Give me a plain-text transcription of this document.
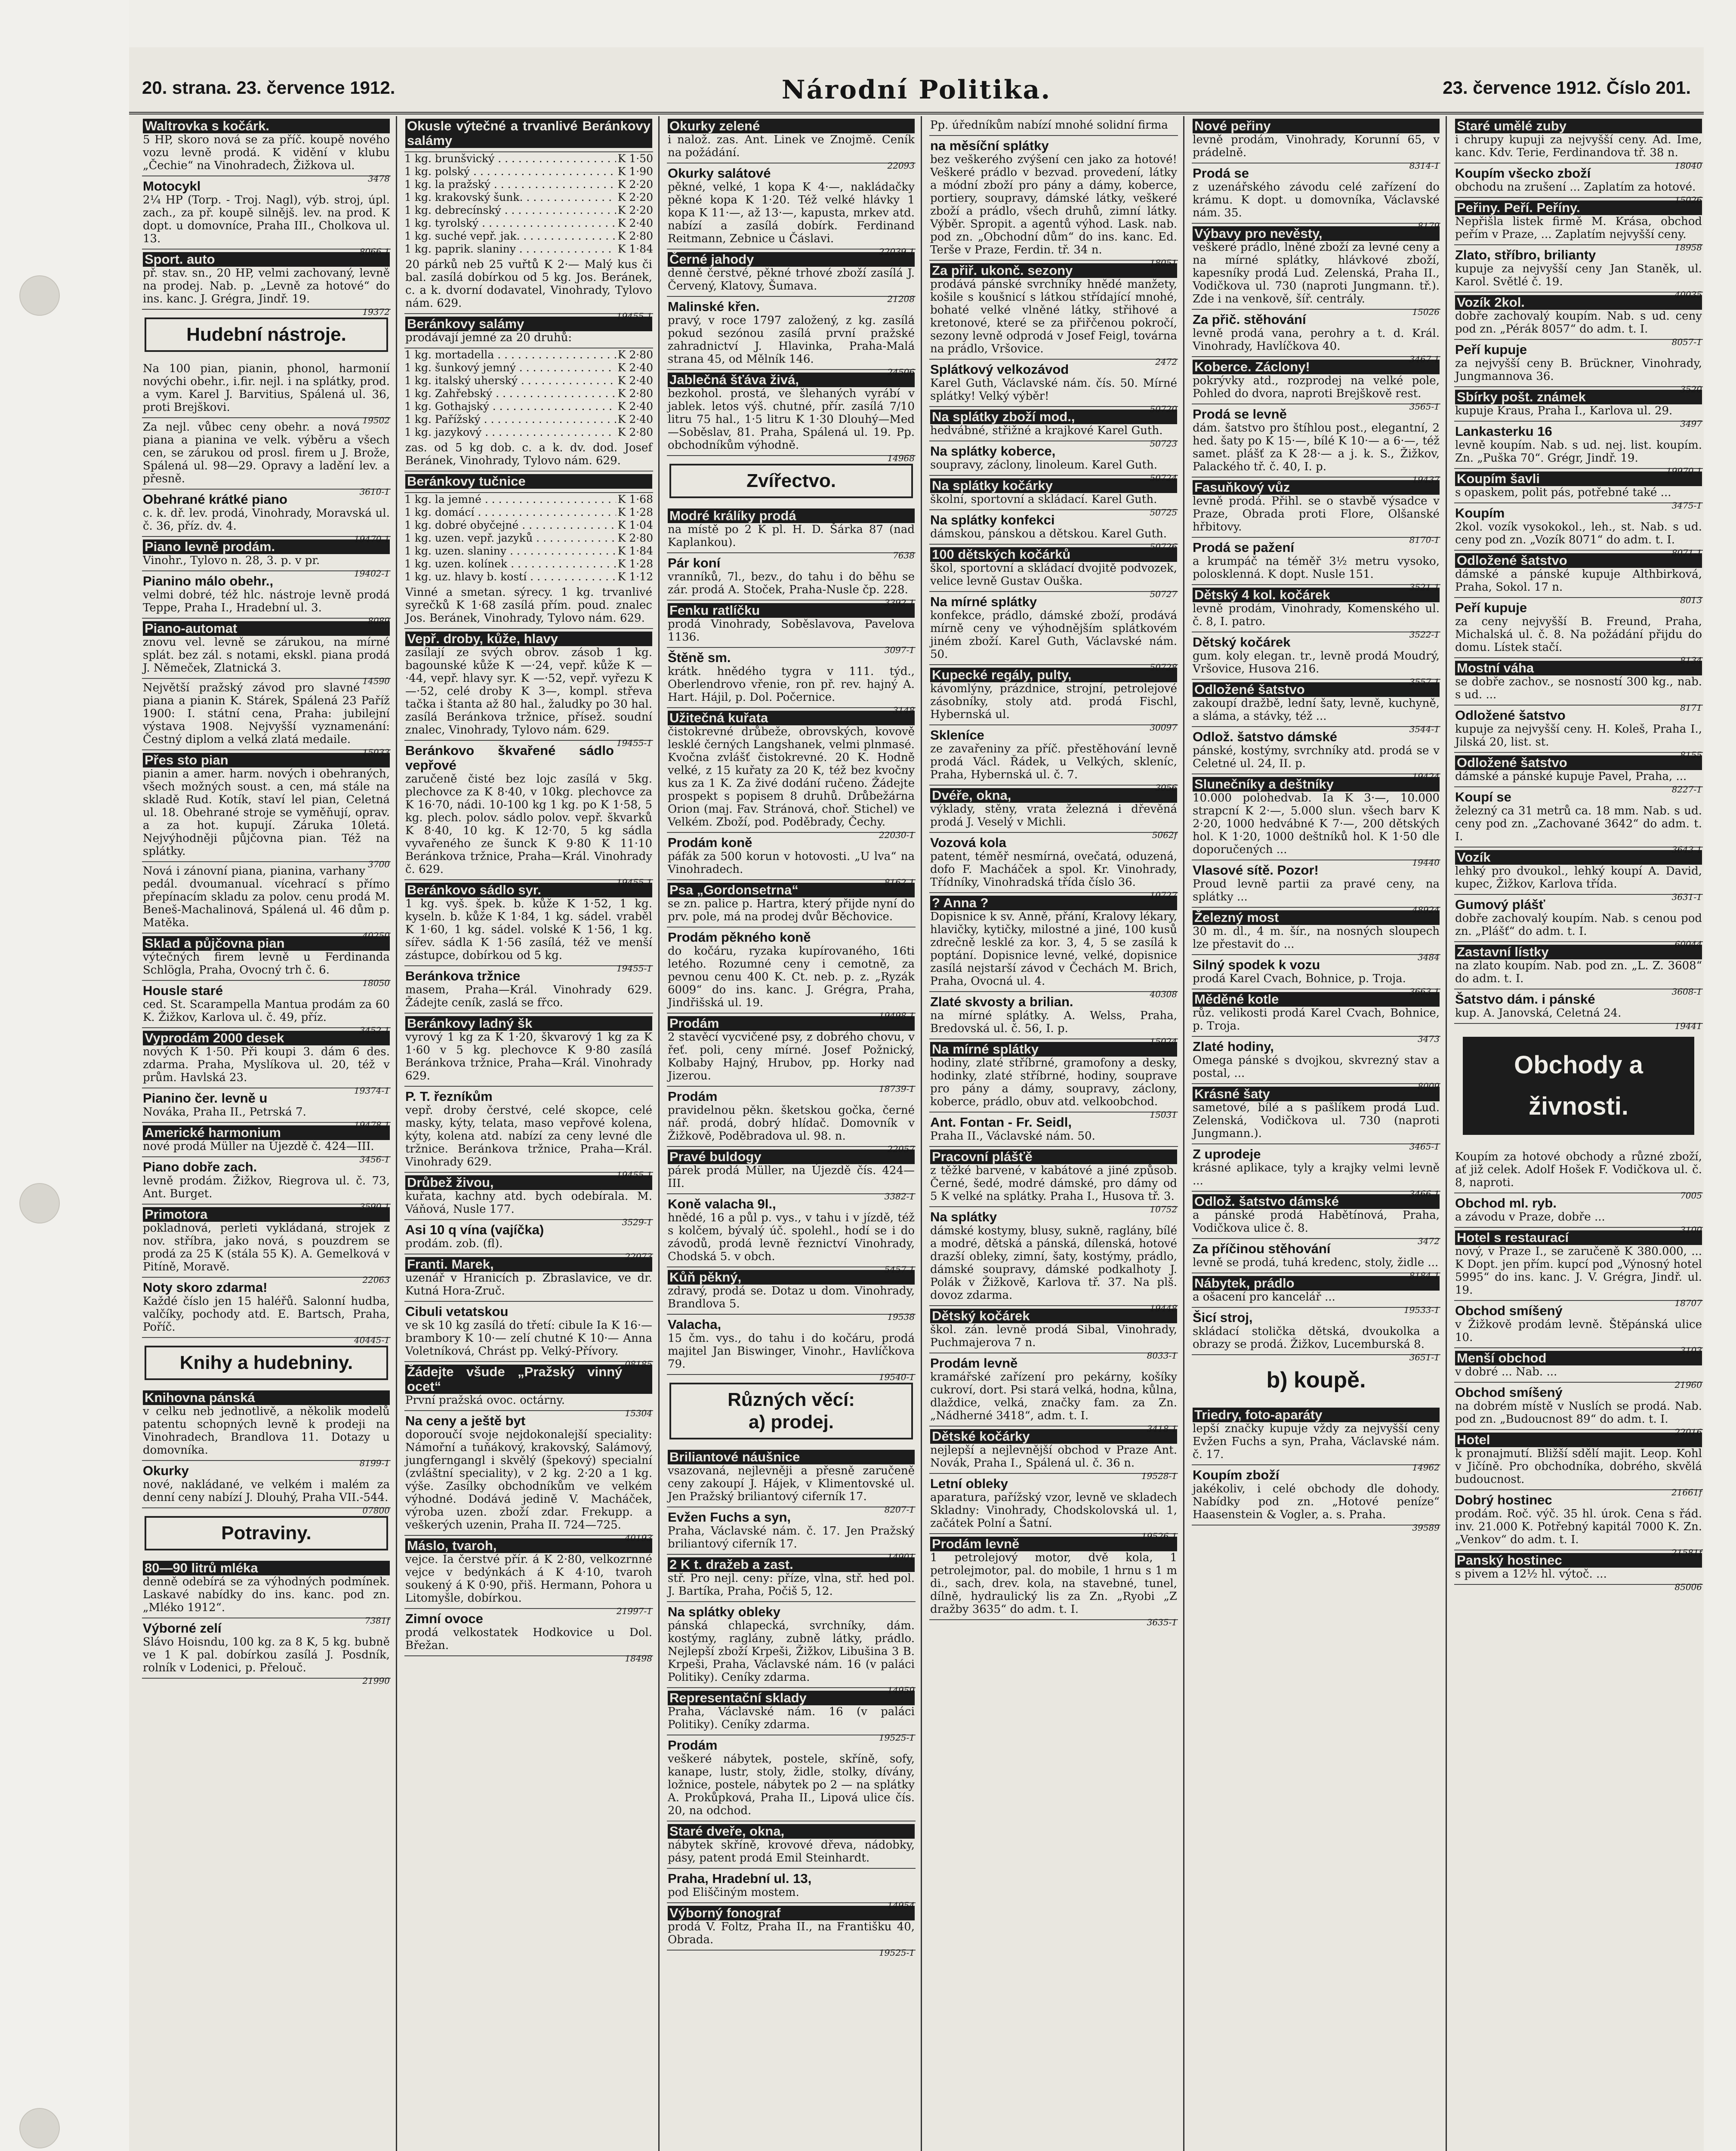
20. strana. 23. července 1912.	Národní Politika.	23. července 1912. Číslo 201.
Waltrovka s kočárk.
5 HP, skoro nová se za příč. koupě nového vozu levně prodá. K vidění v klubu „Čechie“ na Vinohradech, Žižkova ul.
3478
Motocykl
2¼ HP (Torp. - Troj. Nagl), výb. stroj, úpl. zach., za př. koupě silnějš. lev. na prod. K dopt. u domovníce, Praha III., Cholkova ul. 13.
8066-1
Sport. auto
př. stav. sn., 20 HP, velmi zachovaný, levně na prodej. Nab. p. „Levně za hotové“ do ins. kanc. J. Grégra, Jindř. 19.
19372
Hudební nástroje.
Na 100 pian, pianin, phonol, harmonií novýchi obehr., i.fir. nejl. i na splátky, prod. a vym. Karel J. Barvitius, Spálená ul. 36, proti Brejškovi.
19502
Za nejl. vůbec ceny obehr. a nová piana a pianina ve velk. výběru a všech cen, se zárukou od prosl. firem u J. Brože, Spálená ul. 98—29. Opravy a ladění lev. a přesně.
3610-1
Obehrané krátké piano
c. k. dř. lev. prodá, Vinohrady, Moravská ul. č. 36, příz. dv. 4.
19470-1
Piano levně prodám.
Vinohr., Tylovo n. 28, 3. p. v pr.
19402-1
Pianino málo obehr.,
velmi dobré, též hlc. nástroje levně prodá Teppe, Praha I., Hradební ul. 3.
8089
Piano-automat
znovu vel. levně se zárukou, na mírné splát. bez zál. s notami, ekskl. piana prodá J. Němeček, Zlatnická 3.
14590
Největší pražský závod pro slavné piana a pianin K. Stárek, Spálená 23 Paříž 1900: I. státní cena, Praha: jubilejní výstava 1908. Nejvyšší vyznamenání: Čestný diplom a velká zlatá medaile.
15033
Přes sto pian
pianin a amer. harm. nových i obehraných, všech možných soust. a cen, má stále na skladě Rud. Kotík, staví lel pian, Celetná ul. 18. Obehrané stroje se vyměňují, oprav. a za hot. kupují. Záruka 10letá. Nejvýhodněji půjčovna pian. Též na splátky.
3700
Nová i zánovní piana, pianina, varhany pedál. dvoumanual. vícehrací s přímo přepínacím skladu za polov. cenu prodá M. Beneš-Machalinová, Spálená ul. 46 dům p. Matěka.
40250
Sklad a půjčovna pian
výtečných firem levně u Ferdinanda Schlögla, Praha, Ovocný trh č. 6.
18050
Housle staré
ced. St. Scarampella Mantua prodám za 60 K. Žižkov, Karlova ul. č. 49, příz.
3452-1
Vyprodám 2000 desek
nových K 1·50. Při koupi 3. dám 6 des. zdarma. Praha, Myslíkova ul. 20, též v prům. Havlská 23.
19374-1
Pianino čer. levně u
Nováka, Praha II., Petrská 7.
19478-1
Americké harmonium
nové prodá Müller na Újezdě č. 424—III.
3456-1
Piano dobře zach.
levně prodám. Žižkov, Riegrova ul. č. 73, Ant. Burget.
3590-1
Primotora
pokladnová, perleti vykládaná, strojek z nov. stříbra, jako nová, s pouzdrem se prodá za 25 K (stála 55 K). A. Gemelková v Pitíně, Moravě.
22063
Noty skoro zdarma!
Každé číslo jen 15 haléřů. Salonní hudba, valčíky, pochody atd. E. Bartsch, Praha, Poříč.
40445-1
Knihy a hudebniny.
Knihovna pánská
v celku neb jednotlivě, a několik modelů patentu schopných levně k prodeji na Vinohradech, Brandlova 11. Dotazy u domovníka.
8199-1
Okurky
nové, nakládané, ve velkém i malém za denní ceny nabízí J. Dlouhý, Praha VII.-544.
07800
Potraviny.
80—90 litrů mléka
denně odebírá se za výhodných podmínek. Laskavé nabídky do ins. kanc. pod zn. „Mléko 1912“.
7381f
Výborné zelí
Slávo Hoisndu, 100 kg. za 8 K, 5 kg. bubně ve 1 K pal. dobírkou zasílá J. Posdník, rolník v Lodenici, p. Přelouč.
21990
Okusle výtečné a trvanlivé Beránkovy salámy
1 kg. brunšvický . . .	K 1·50
1 kg. polský . . .	K 1·90
1 kg. la pražský . . .	K 2·20
1 kg. krakovský šunk. . . .	K 2·20
1 kg. debrecínský . . .	K 2·20
1 kg. tyrolský . . .	K 2·40
1 kg. suché vepř. jak. . . .	K 2·80
1 kg. paprik. slaniny . . .	K 1·84
20 párků neb 25 vuřtů K 2·— Malý kus či bal. zasílá dobírkou od 5 kg. Jos. Beránek, c. a k. dvorní dodavatel, Vinohrady, Tylovo nám. 629.
19455-1
Beránkovy salámy
prodávají jemné za 20 druhů:
1 kg. mortadella . . .	K 2·80
1 kg. šunkový jemný . . .	K 2·40
1 kg. italský uherský . . .	K 2·40
1 kg. Zahřebský . . .	K 2·80
1 kg. Gothajský . . .	K 2·40
1 kg. Pařížský . . .	K 2·40
1 kg. jazykový . . .	K 2·80
zas. od 5 kg dob. c. a k. dv. dod. Josef Beránek, Vinohrady, Tylovo nám. 629.
Beránkovy tučnice
1 kg. la jemné . . .	K 1·68
1 kg. domácí . . .	K 1·28
1 kg. dobré obyčejné . . .	K 1·04
1 kg. uzen. vepř. jazyků . . .	K 2·80
1 kg. uzen. slaniny . . .	K 1·84
1 kg. uzen. kolínek . . .	K 1·28
1 kg. uz. hlavy b. kostí . . .	K 1·12
Vinné a smetan. sýrecy. 1 kg. trvanlivé syrečků K 1·68 zasílá přím. poud. znalec Jos. Beránek, Vinohrady, Tylovo nám. 629.
Vepř. droby, kůže, hlavy
zasílají ze svých obrov. zásob 1 kg. bagounské kůže K —·24, vepř. kůže K —·44, vepř. hlavy syr. K —·52, vepř. vyřezu K —·52, celé droby K 3—, kompl. střeva tačka i štanta až 80 hal., žaludky po 30 hal. zasílá Beránkova tržnice, přísež. soudní znalec, Vinohrady, Tylovo nám. 629.
19455-1
Beránkovo škvařené sádlo vepřové
zaručeně čisté bez lojc zasílá v 5kg. plechovce za K 8·40, v 10kg. plechovce za K 16·70, nádi. 10-100 kg 1 kg. po K 1·58, 5 kg. plech. polov. sádlo polov. vepř. škvarků K 8·40, 10 kg. K 12·70, 5 kg sádla vyvařeného ze šunck K 9·80 K 11·10 Beránkova tržnice, Praha—Král. Vinohrady č. 629.
19455-1
Beránkovo sádlo syr.
1 kg. vyš. špek. b. kůže K 1·52, 1 kg. kyseln. b. kůže K 1·84, 1 kg. sádel. vraběl K 1·60, 1 kg. sádel. volské K 1·56, 1 kg. sířev. sádla K 1·56 zasílá, též ve menší zástupce, dobírkou od 5 kg.
19455-1
Beránkova tržnice
masem, Praha—Král. Vinohrady 629. Žádejte ceník, zaslá se fřco.
Beránkovy ladný šk
vyrový 1 kg za K 1·20, škvarový 1 kg za K 1·60 v 5 kg. plechovce K 9·80 zasílá Beránkova tržnice, Praha—Král. Vinohrady 629.
P. T. řezníkům
vepř. droby čerstvé, celé skopce, celé masky, kýty, telata, maso vepřové kolena, kýty, kolena atd. nabízí za ceny levné dle tržnice. Beránkova tržnice, Praha—Král. Vinohrady 629.
19455-1
Drůbež živou,
kuřata, kachny atd. bych odebírala. M. Váňová, Nusle 177.
3529-1
Asi 10 q vína (vajíčka)
prodám. zob. (fl).
22073
Franti. Marek,
uzenář v Hranicích p. Zbraslavice, ve dr. Kutná Hora-Zruč.
Cibuli vetatskou
ve sk 10 kg zasílá do třetí: cibule Ia K 16·— brambory K 10·— zelí chutné K 10·— Anna Voletníková, Chrást pp. Velký-Přívory.
08185
Žádejte všude „Pražský vinný ocet“
První pražská ovoc. octárny.
15304
Na ceny a ještě byt
doporoučí svoje nejdokonalejší speciality: Námořní a tuňákový, krakovský, Salámový, jungferngangl i skvělý (špekový) specialní (zvláštní speciality), v 2 kg. 2·20 a 1 kg. výše. Zasílky obchodníkům ve velkém výhodné. Dodává jedině V. Macháček, výroba uzen. zboží zdar. Frekupp. a veškerých uzenin, Praha II. 724—725.
40193
Máslo, tvaroh,
vejce. Ia čerstvé přír. á K 2·80, velkozrnné vejce v bedýnkách á K 4·10, tvaroh soukený á K 0·90, přiš. Hermann, Pohora u Litomyšle, dobírkou.
21997-1
Zimní ovoce
prodá velkostatek Hodkovice u Dol. Břežan.
18498
Okurky zelené
i nalož. zas. Ant. Linek ve Znojmě. Ceník na požádání.
22093
Okurky salátové
pěkné, velké, 1 kopa K 4·—, nakládačky pěkné kopa K 1·20. Též velké hlávky 1 kopa K 11·—, až 13·—, kapusta, mrkev atd. nabízí a zasílá dobírk. Ferdinand Reitmann, Zebnice u Čáslavi.
22039-1
Černé jahody
denně čerstvé, pěkné trhové zboží zasílá J. Červený, Klatovy, Šumava.
21208
Malinské křen.
pravý, v roce 1797 založený, z kg. zasílá pokud sezónou zasílá první pražské zahradnictví J. Hlavinka, Praha-Malá strana 45, od Mělník 146.
24506
Jablečná šťáva živá,
bezkohol. prostá, ve šlehaných vyrábí v jablek. letos výš. chutné, přír. zasílá 7/10 litru 75 hal., 1·5 litru K 1·30 Dlouhý—Med—Soběslav, 81. Praha, Spálená ul. 19. Pp. obchodníkům výhodně.
14968
Zvířectvo.
Modré králíky prodá
na místě po 2 K pl. H. D. Šárka 87 (nad Kaplankou).
7638
Pár koní
vranníků, 7l., bezv., do tahu i do běhu se zár. prodá A. Stoček, Praha-Nusle čp. 228.
3392-1
Fenku ratlíčku
prodá Vinohrady, Soběslavova, Pavelova 1136.
3097-1
Štěně sm.
krátk. hnědého tygra v 111. týd., Oberlendrovo vřenie, ron př. rev. hajný A. Hart. Hájil, p. Dol. Počernice.
3148
Užitečná kuřata
čistokrevné drůbeže, obrovských, kovově lesklé černých Langshanek, velmi plnmasé. Kvočna zvlášť čistokrevné. 20 K. Hodně velké, z 15 kuřaty za 20 K, též bez kvočny kus za 1 K. Za živé dodání ručeno. Žádejte prospekt s popisem 8 druhů. Drůbežárna Orion (maj. Fav. Stránová, choř. Stichel) ve Velkém. Zboží, pod. Poděbrady, Čechy.
22030-1
Prodám koně
páfák za 500 korun v hotovosti. „U lva“ na Vinohradech.
8162-1
Psa „Gordonsetrna“
se zn. palice p. Hartra, který přijde nyní do prv. pole, má na prodej dvůr Běchovice.
Prodám pěkného koně
do kočáru, ryzaka kupírovaného, 16ti letého. Rozumné ceny i cemotně, za pevnou cenu 400 K. Ct. neb. p. z. „Ryzák 6009“ do ins. kanc. J. Grégra, Praha, Jindřišská ul. 19.
19498-1
Prodám
2 stavěcí vycvičené psy, z dobrého chovu, v řeť. poli, ceny mírné. Josef Požnický, Kolbaby Hajný, Hrubov, pp. Horky nad Jizerou.
18739-1
Prodám
pravidelnou pěkn. šketskou gočka, černé nář. prodá, dobrý hlídač. Domovník v Žižkově, Poděbradova ul. 98. n.
22057
Pravé buldogy
párek prodá Müller, na Újezdě čís. 424—III.
3382-1
Koně valacha 9l.,
hnědé, 16 a půl p. vys., v tahu i v jízdě, též s kolčem, bývalý úč. spolehl., hodí se i do závodů, prodá levně řeznictví Vinohrady, Chodská 5. v obch.
5457-1
Kůň pěkný,
zdravý, prodá se. Dotaz u dom. Vinohrady, Brandlova 5.
19538
Valacha,
15 čm. vys., do tahu i do kočáru, prodá majitel Jan Biswinger, Vinohr., Havlíčkova 79.
19540-1
Různých věcí:
a) prodej.
Briliantové náušnice
vsazovaná, nejlevněji a přesně zaručeně ceny zakoupí J. Hájek, v Klimentovské ul. Jen Pražský briliantový ciferník 17.
8207-1
Evžen Fuchs a syn,
Praha, Václavské nám. č. 17. Jen Pražský briliantový ciferník 17.
14901
2 K t. dražeb a zast.
stř. Pro nejl. ceny: příze, vlna, stř. hed pol. J. Bartíka, Praha, Počiš 5, 12.
Na splátky obleky
pánská chlapecká, svrchníky, dám. kostýmy, raglány, zubně látky, prádlo. Nejlepší zboží Krpeši, Žižkov, Libušina 3 B. Krpeši, Praha, Václavské nám. 16 (v paláci Politiky). Ceníky zdarma.
14959
Representační sklady
Praha, Václavské nám. 16 (v paláci Politiky). Ceníky zdarma.
19525-1
Prodám
veškeré nábytek, postele, skříně, sofy, kanape, lustr, stoly, židle, stolky, dívány, ložnice, postele, nábytek po 2 — na splátky A. Prokůpková, Praha II., Lipová ulice čís. 20, na odchod.
Staré dveře, okna,
nábytek skříně, krovové dřeva, nádobky, pásy, patent prodá Emil Steinhardt.
Praha, Hradební ul. 13,
pod Eliščiným mostem.
14954
Výborný fonograf
prodá V. Foltz, Praha II., na Františku 40, Obrada.
19525-1
Pp. úředníkům nabízí mnohé solidní firma
na měsíční splátky
bez veškerého zvýšení cen jako za hotové! Veškeré prádlo v bezvad. provedení, látky a módní zboží pro pány a dámy, koberce, portiery, soupravy, dámské látky, veškeré zboží a prádlo, všech druhů, zimní látky. Výběr. Spropit. a agentů výhod. Lask. nab. pod zn. „Obchodní dům“ do ins. kanc. Ed. Terše v Praze, Ferdin. tř. 34 n.
18051
Za přiř. ukonč. sezony
prodává pánské svrchníky hnědé manžety, košile s koušnicí s látkou střídající mnohé, bohaté velké vlněné látky, střihové a kretonové, které se za přiřčenou pokročí, sezony levně odprodá v Josef Feigl, továrna na prádlo, Vršovice.
2472
Splátkový velkozávod
Karel Guth, Václavské nám. čís. 50. Mírné splátky! Velký výběr!
50720
Na splátky zboží mod.,
hedvábné, střižné a krajkové Karel Guth.
50723
Na splátky koberce,
soupravy, záclony, linoleum. Karel Guth.
50724
Na splátky kočárky
školní, sportovní a skládací. Karel Guth.
50725
Na splátky konfekci
dámskou, pánskou a dětskou. Karel Guth.
50726
100 dětských kočárků
škol, sportovní a skládací dvojitě podvozek, velice levně Gustav Ouška.
50727
Na mírné splátky
konfekce, prádlo, dámské zboží, prodává mírně ceny ve výhodnějším splátkovém jiném zboží. Karel Guth, Václavské nám. 50.
50728
Kupecké regály, pulty,
kávomlýny, prázdnice, strojní, petrolejové zásobníky, stoly atd. prodá Fischl, Hybernská ul.
30097
Skleníce
ze zavařeniny za příč. přestěhování levně prodá Václ. Řádek, u Velkých, skleníc, Praha, Hybernská ul. č. 7.
3056
Dvéře, okna,
výklady, stěny, vrata železná i dřevěná prodá J. Veselý v Michli.
5062f
Vozová kola
patent, téměř nesmírná, ovečatá, oduzená, dofo F. Macháček a spol. Kr. Vinohrady, Třídníky, Vinohradská třída číslo 36.
10727
? Anna ?
Dopisnice k sv. Anně, přání, Kralovy lékary, hlavičky, kytičky, milostné a jiné, 100 kusů zdrečně lesklé za kor. 3, 4, 5 se zasílá k poptání. Dopisnice levné, velké, dopisnice zasílá nejstarší závod v Čechách M. Brich, Praha, Ovocná ul. 4.
40308
Zlaté skvosty a brilian.
na mírné splátky. A. Welss, Praha, Bredovská ul. č. 56, I. p.
15024
Na mírné splátky
hodiny, zlaté stříbrné, gramofony a desky, hodinky, zlaté stříbrné, hodiny, souprave pro pány a dámy, soupravy, záclony, koberce, prádlo, obuv atd. velkoobchod.
15031
Ant. Fontan - Fr. Seidl,
Praha II., Václavské nám. 50.
Pracovní plášťě
z těžké barvené, v kabátové a jiné způsob. Černé, šedé, modré dámské, pro dámy od 5 K velké na splátky. Praha I., Husova tř. 3.
10752
Na splátky
dámské kostymy, blusy, sukně, raglány, bílé a modré, dětská a pánská, dílenská, hotové drazší obleky, zimní, šaty, kostýmy, prádlo, dámské soupravy, dámské podkalhoty J. Polák v Žižkově, Karlova tř. 37. Na plš. dovoz zdarma.
19448
Dětský kočárek
škol. zán. levně prodá Sibal, Vinohrady, Puchmajerova 7 n.
8033-1
Prodám levně
kramářské zařízení pro pekárny, košíky cukroví, dort. Psi stará velká, hodna, kůlna, dlaždice, velká, značky fam. za Zn. „Nádherné 3418“, adm. t. I.
3418-1
Dětské kočárky
nejlepší a nejlevnější obchod v Praze Ant. Novák, Praha I., Spálená ul. č. 36 n.
19528-1
Letní obleky
aparatura, pařížský vzor, levně ve skladech Skladny: Vinohrady, Chodskolovská ul. 1, začátek Polní a Šatní.
19526-1
Prodám levně
1 petrolejový motor, dvě kola, 1 petrolejmotor, pal. do mobile, 1 hrnu s 1 m di., sach, drev. kola, na stavebné, tunel, dílně, hydraulický lis za Zn. „Ryobi „Z dražby 3635“ do adm. t. I.
3635-1
Nové peřiny
levně prodám, Vinohrady, Korunní 65, v prádelně.
8314-1
Prodá se
z uzenářského závodu celé zařízení do krámu. K dopt. u domovníka, Václavské nám. 35.
8179
Výbavy pro nevěsty,
veškeré prádlo, lněné zboží za levné ceny a na mírné splátky, hlávkové zboží, kapesníky prodá Lud. Zelenská, Praha II., Vodičkova ul. 730 (naproti Jungmann. tř.). Zde i na venkově, šíř. centrály.
15026
Za přič. stěhování
levně prodá vana, perohry a t. d. Král. Vinohrady, Havlíčkova 40.
3467-1
Koberce. Záclony!
pokrývky atd., rozprodej na velké pole, Pohled do dvora, naproti Brejškově rest.
3565-1
Prodá se levně
dám. šatstvo pro štíhlou post., elegantní, 2 hed. šaty po K 15·—, bílé K 10·— a 6·—, též samet. plášť za K 28·— a j. k. S., Žižkov, Palackého tř. č. 40, I. p.
19437
Fasuňkový vůz
levně prodá. Přihl. se o stavbě výsadce v Praze, Obrada proti Flore, Olšanské hřbitovy.
8170-1
Prodá se pažení
a krumpáč na téměř 3½ metru vysoko, polosklenná. K dopt. Nusle 151.
3521-1
Dětský 4 kol. kočárek
levně prodám, Vinohrady, Komenského ul. č. 8, I. patro.
3522-1
Dětský kočárek
gum. koly elegan. tr., levně prodá Moudrý, Vršovice, Husova 216.
3557-1
Odložené šatstvo
zakoupí dražbě, lední šaty, levně, kuchyně, a sláma, a stávky, též ...
3544-1
Odlož. šatstvo dámské
pánské, kostýmy, svrchníky atd. prodá se v Celetné ul. 24, II. p.
19424
Slunečníky a deštníky
10.000 polohedvab. Ia K 3·—, 10.000 strapcní K 2·—, 5.000 slun. všech barv K 2·20, 1000 hedvábné K 7·—, 200 dětských hol. K 1·20, 1000 deštníků hol. K 1·50 dle doporučených ...
19440
Vlasové sítě. Pozor!
Proud levně partii za pravé ceny, na splátky ...
48924
Železný most
30 m. dl., 4 m. šír., na nosných sloupech lze přestavit do ...
3484
Silný spodek k vozu
prodá Karel Cvach, Bohnice, p. Troja.
3663-1
Měděné kotle
růz. velikosti prodá Karel Cvach, Bohnice, p. Troja.
3473
Zlaté hodiny,
Omega pánské s dvojkou, skvrezný stav a postal, ...
8009
Krásné šaty
sametové, bílé a s pašlíkem prodá Lud. Zelenská, Vodičkova ul. 730 (naproti Jungmann.).
3465-1
Z uprodeje
krásné aplikace, tyly a krajky velmi levně ...
3466-1
Odlož. šatstvo dámské
a pánské prodá Habětínová, Praha, Vodičkova ulice č. 8.
3472
Za příčinou stěhování
levně se prodá, tuhá kredenc, stoly, židle ...
8184-1
Nábytek, prádlo
a ošacení pro kancelář ...
19533-1
Šicí stroj,
skládací stolička dětská, dvoukolka a obrazy se prodá. Žižkov, Lucemburská 8.
3651-1
b) koupě.
Triedry, foto-aparáty
lepší značky kupuje vždy za nejvyšší ceny Evžen Fuchs a syn, Praha, Václavské nám. č. 17.
14962
Koupím zboží
jakékoliv, i celé obchody dle dohody. Nabídky pod zn. „Hotové peníze“ Haasenstein & Vogler, a. s. Praha.
39589
Staré umělé zuby
i chrupy kupuji za nejvyšší ceny. Ad. Ime, kanc. Kdv. Terie, Ferdinandova tř. 38 n.
18040
Koupím všecko zboží
obchodu na zrušení ... Zaplatím za hotové.
15026
Peřiny. Peří. Peříny.
Nepřišla listek firmě M. Krása, obchod peřím v Praze, ... Zaplatím nejvyšší ceny.
18958
Zlato, stříbro, brilianty
kupuje za nejvyšší ceny Jan Staněk, ul. Karol. Světlé č. 19.
40035
Vozík 2kol.
dobře zachovalý koupím. Nab. s ud. ceny pod zn. „Pérák 8057“ do adm. t. I.
8057-1
Peří kupuje
za nejvyšší ceny B. Brückner, Vinohrady, Jungmannova 36.
3520
Sbírky pošt. známek
kupuje Kraus, Praha I., Karlova ul. 29.
3497
Lankasterku 16
levně koupím. Nab. s ud. nej. list. koupím. Zn. „Puška 70“. Grégr, Jindř. 19.
19970-1
Koupím šavli
s opaskem, polit pás, potřebné také ...
3475-1
Koupím
2kol. vozík vysokokol., leh., st. Nab. s ud. ceny pod zn. „Vozík 8071“ do adm. t. I.
8071-1
Odložené šatstvo
dámské a pánské kupuje Althbirková, Praha, Sokol. 17 n.
8013
Peří kupuje
za ceny nejvyšší B. Freund, Praha, Michalská ul. č. 8. Na požádání přijdu do domu. Lístek stačí.
8134
Mostní váha
se dobře zachov., se nosností 300 kg., nab. s ud. ...
8171
Odložené šatstvo
kupuje za nejvyšší ceny. H. Koleš, Praha I., Jilská 20, list. st.
8155
Odložené šatstvo
dámské a pánské kupuje Pavel, Praha, ...
8227-1
Koupí se
železný ca 31 metrů ca. 18 mm. Nab. s ud. ceny pod zn. „Zachované 3642“ do adm. t. I.
3643-1
Vozík
lehký pro dvoukol., lehký koupí A. David, kupec, Žižkov, Karlova třída.
3631-1
Gumový plášť
dobře zachovalý koupím. Nab. s cenou pod zn. „Plášť“ do adm. t. I.
60044
Zastavní lístky
na zlato koupím. Nab. pod zn. „L. Z. 3608“ do adm. t. I.
3608-1
Šatstvo dám. i pánské
kup. A. Janovská, Celetná 24.
19441
Obchody a živnosti.
Koupím za hotové obchody a různé zboží, ať již celek. Adolf Hošek F. Vodičkova ul. č. 8, naproti.
7005
Obchod ml. ryb.
a závodu v Praze, dobře ...
3100
Hotel s restaurací
nový, v Praze I., se zaručeně K 380.000, ... K Dopt. jen přím. kupcí pod „Výnosný hotel 5995“ do ins. kanc. J. V. Grégra, Jindř. ul. 19.
18707
Obchod smíšený
v Žižkově prodám levně. Štěpánská ulice 10.
3103
Menší obchod
v dobré ... Nab. ...
21960
Obchod smíšený
na dobrém místě v Nuslích se prodá. Nab. pod zn. „Budoucnost 89“ do adm. t. I.
22016
Hotel
k pronajmutí. Bližší sdělí majit. Leop. Kohl v Jičíně. Pro obchodníka, dobrého, skvělá budoucnost.
21661f
Dobrý hostinec
prodám. Roč. výč. 35 hl. úrok. Cena s řád. inv. 21.000 K. Potřebný kapitál 7000 K. Zn. „Venkov“ do adm. t. I.
21581f
Panský hostinec
s pivem a 12½ hl. výtoč. ...
85006
